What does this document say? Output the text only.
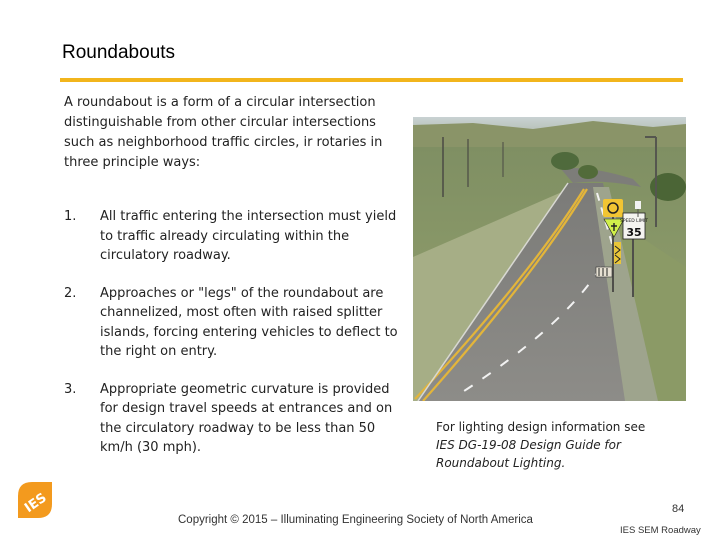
Roundabouts
A roundabout is a form of a circular intersection distinguishable from other circular intersections such as neighborhood traffic circles, ir rotaries in three principle ways:
1.	All traffic entering the intersection must yield to traffic already circulating within the circulatory roadway.
2.	Approaches or "legs" of the roundabout are channelized, most often with raised splitter islands, forcing entering vehicles to deflect to the right on entry.
3.	Appropriate geometric curvature is provided for design travel speeds at entrances and on the circulatory roadway to be less than 50 km/h (30 mph).
SPEED LIMIT
35
For lighting design information see
IES DG-19-08 Design Guide for Roundabout Lighting.
IES
Copyright © 2015 – Illuminating Engineering Society of North America
84
IES SEM Roadway
